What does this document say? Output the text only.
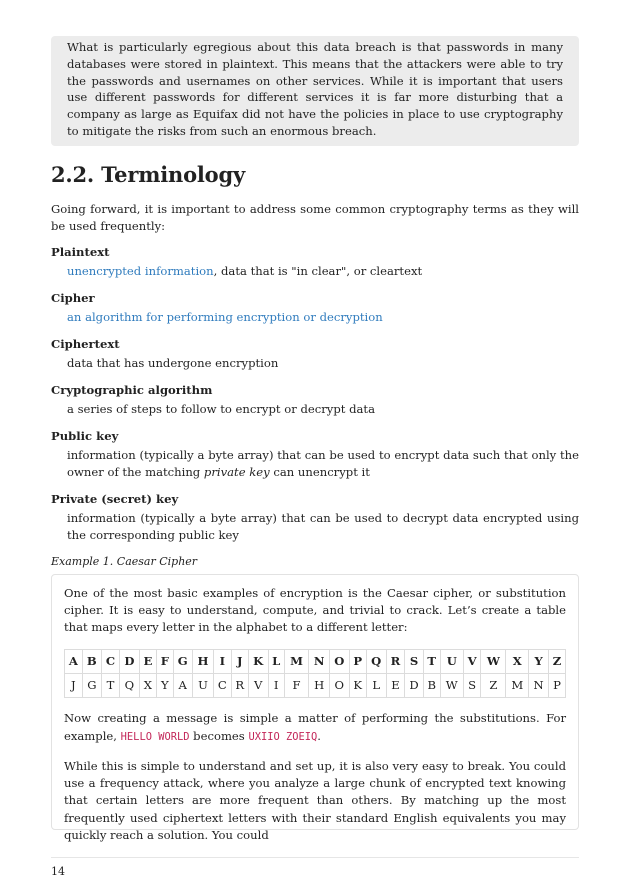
What is particularly egregious about this data breach is that passwords in many databases were stored in plaintext. This means that the attackers were able to try the passwords and usernames on other services. While it is important that users use different passwords for different services it is far more disturbing that a company as large as Equifax did not have the policies in place to use cryptography to mitigate the risks from such an enormous breach.
2.2. Terminology

Going forward, it is important to address some common cryptography terms as they will be used frequently:

Plaintext
unencrypted information, data that is "in clear", or cleartext
Cipher
an algorithm for performing encryption or decryption
Ciphertext
data that has undergone encryption
Cryptographic algorithm
a series of steps to follow to encrypt or decrypt data
Public key
information (typically a byte array) that can be used to encrypt data such that only the owner of the matching private key can unencrypt it
Private (secret) key
information (typically a byte array) that can be used to decrypt data encrypted using the corresponding public key
Example 1. Caesar Cipher

One of the most basic examples of encryption is the Caesar cipher, or substitution cipher. It is easy to understand, compute, and trivial to crack. Let’s create a table that maps every letter in the alphabet to a different letter:

A	B	C	D	E	F	G	H	I	J	K	L	M	N	O	P	Q	R	S	T	U	V	W	X	Y	Z
J	G	T	Q	X	Y	A	U	C	R	V	I	F	H	O	K	L	E	D	B	W	S	Z	M	N	P

Now creating a message is simple a matter of performing the substitutions. For example, HELLO WORLD becomes UXIIO ZOEIQ.

While this is simple to understand and set up, it is also very easy to break. You could use a frequency attack, where you analyze a large chunk of encrypted text knowing that certain letters are more frequent than others. By matching up the most frequently used ciphertext letters with their standard English equivalents you may quickly reach a solution. You could

14
